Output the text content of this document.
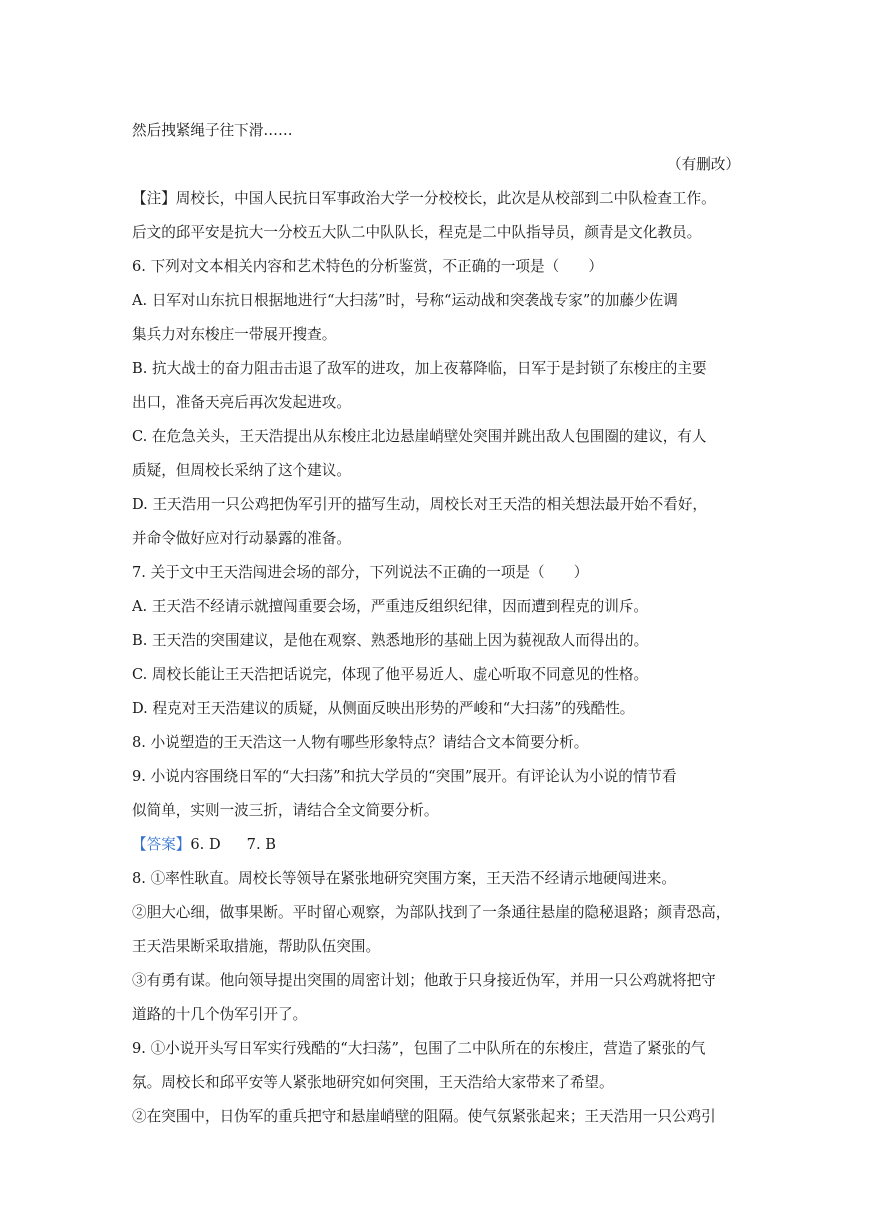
然后拽紧绳子往下滑……
（有删改）
【注】周校长，中国人民抗日军事政治大学一分校校长，此次是从校部到二中队检查工作。
后文的邱平安是抗大一分校五大队二中队队长，程克是二中队指导员，颜青是文化教员。
6. 下列对文本相关内容和艺术特色的分析鉴赏，不正确的一项是（　　）
A. 日军对山东抗日根据地进行“大扫荡”时，号称“运动战和突袭战专家”的加藤少佐调
集兵力对东梭庄一带展开搜查。
B. 抗大战士的奋力阻击击退了敌军的进攻，加上夜幕降临，日军于是封锁了东梭庄的主要
出口，准备天亮后再次发起进攻。
C. 在危急关头，王天浩提出从东梭庄北边悬崖峭壁处突围并跳出敌人包围圈的建议，有人
质疑，但周校长采纳了这个建议。
D. 王天浩用一只公鸡把伪军引开的描写生动，周校长对王天浩的相关想法最开始不看好，
并命令做好应对行动暴露的准备。
7. 关于文中王天浩闯进会场的部分，下列说法不正确的一项是（　　）
A. 王天浩不经请示就擅闯重要会场，严重违反组织纪律，因而遭到程克的训斥。
B. 王天浩的突围建议，是他在观察、熟悉地形的基础上因为藐视敌人而得出的。
C. 周校长能让王天浩把话说完，体现了他平易近人、虚心听取不同意见的性格。
D. 程克对王天浩建议的质疑，从侧面反映出形势的严峻和“大扫荡”的残酷性。
8. 小说塑造的王天浩这一人物有哪些形象特点？请结合文本简要分析。
9. 小说内容围绕日军的“大扫荡”和抗大学员的“突围”展开。有评论认为小说的情节看
似简单，实则一波三折，请结合全文简要分析。
【答案】6. D 7. B
8. ①率性耿直。周校长等领导在紧张地研究突围方案，王天浩不经请示地硬闯进来。
②胆大心细，做事果断。平时留心观察，为部队找到了一条通往悬崖的隐秘退路；颜青恐高，
王天浩果断采取措施，帮助队伍突围。
③有勇有谋。他向领导提出突围的周密计划；他敢于只身接近伪军，并用一只公鸡就将把守
道路的十几个伪军引开了。
9. ①小说开头写日军实行残酷的“大扫荡”，包围了二中队所在的东梭庄，营造了紧张的气
氛。周校长和邱平安等人紧张地研究如何突围，王天浩给大家带来了希望。
②在突围中，日伪军的重兵把守和悬崖峭壁的阻隔。使气氛紧张起来；王天浩用一只公鸡引
